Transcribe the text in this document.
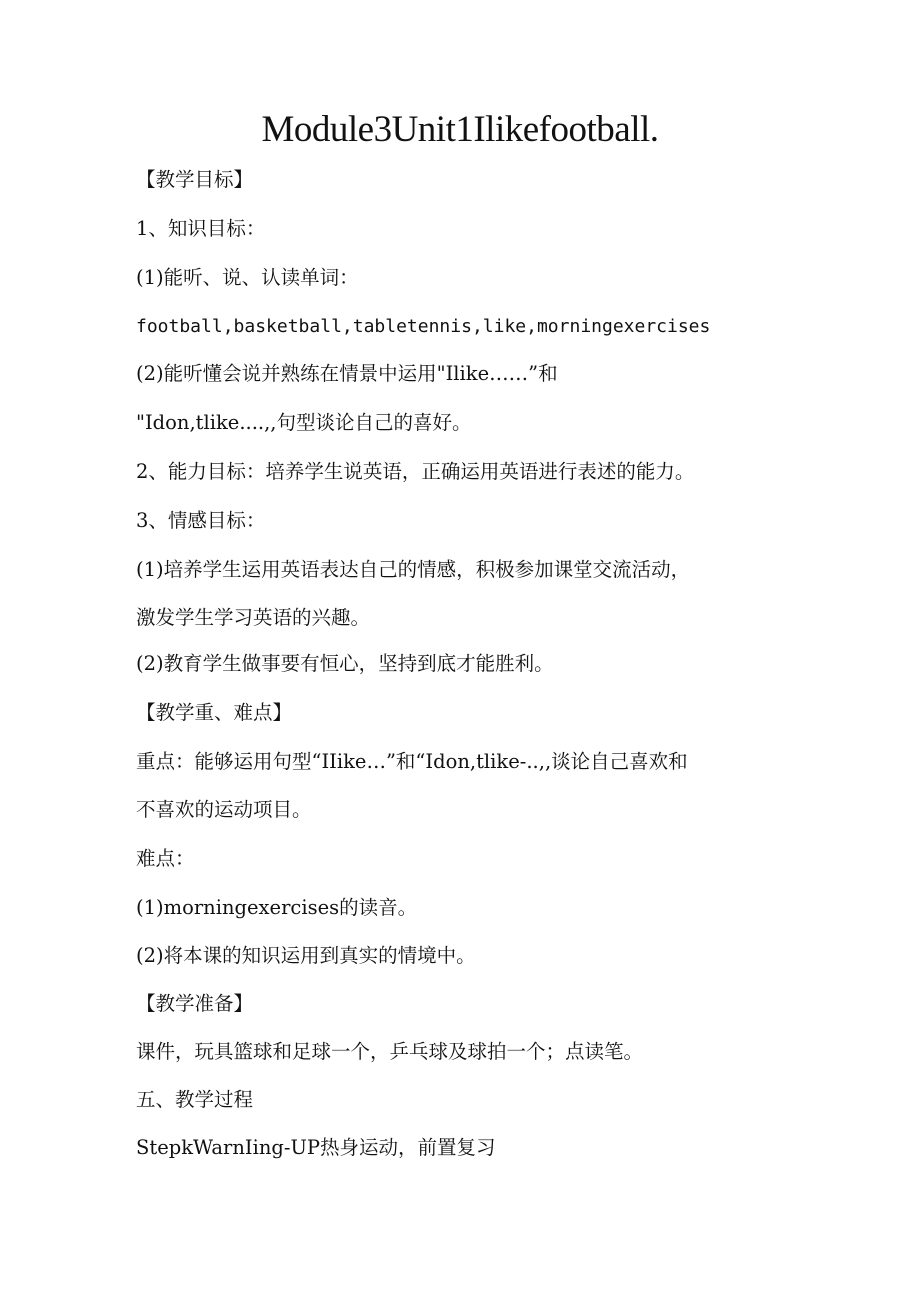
Module3Unit1Ilikefootball.
【教学目标】
1、知识目标：
(1)能听、说、认读单词：
football,basketball,tabletennis,like,morningexercises
(2)能听懂会说并熟练在情景中运用"Ilike……”和
"Idon,tlike....,,句型谈论自己的喜好。
2、能力目标：培养学生说英语，正确运用英语进行表述的能力。
3、情感目标：
(1)培养学生运用英语表达自己的情感，积极参加课堂交流活动，
激发学生学习英语的兴趣。
(2)教育学生做事要有恒心，坚持到底才能胜利。
【教学重、难点】
重点：能够运用句型“IIike…”和“Idon,tlike-..,,谈论自己喜欢和
不喜欢的运动项目。
难点：
(1)morningexercises的读音。
(2)将本课的知识运用到真实的情境中。
【教学准备】
课件，玩具篮球和足球一个，乒乓球及球拍一个；点读笔。
五、教学过程
StepkWarnIing-UP热身运动，前置复习
